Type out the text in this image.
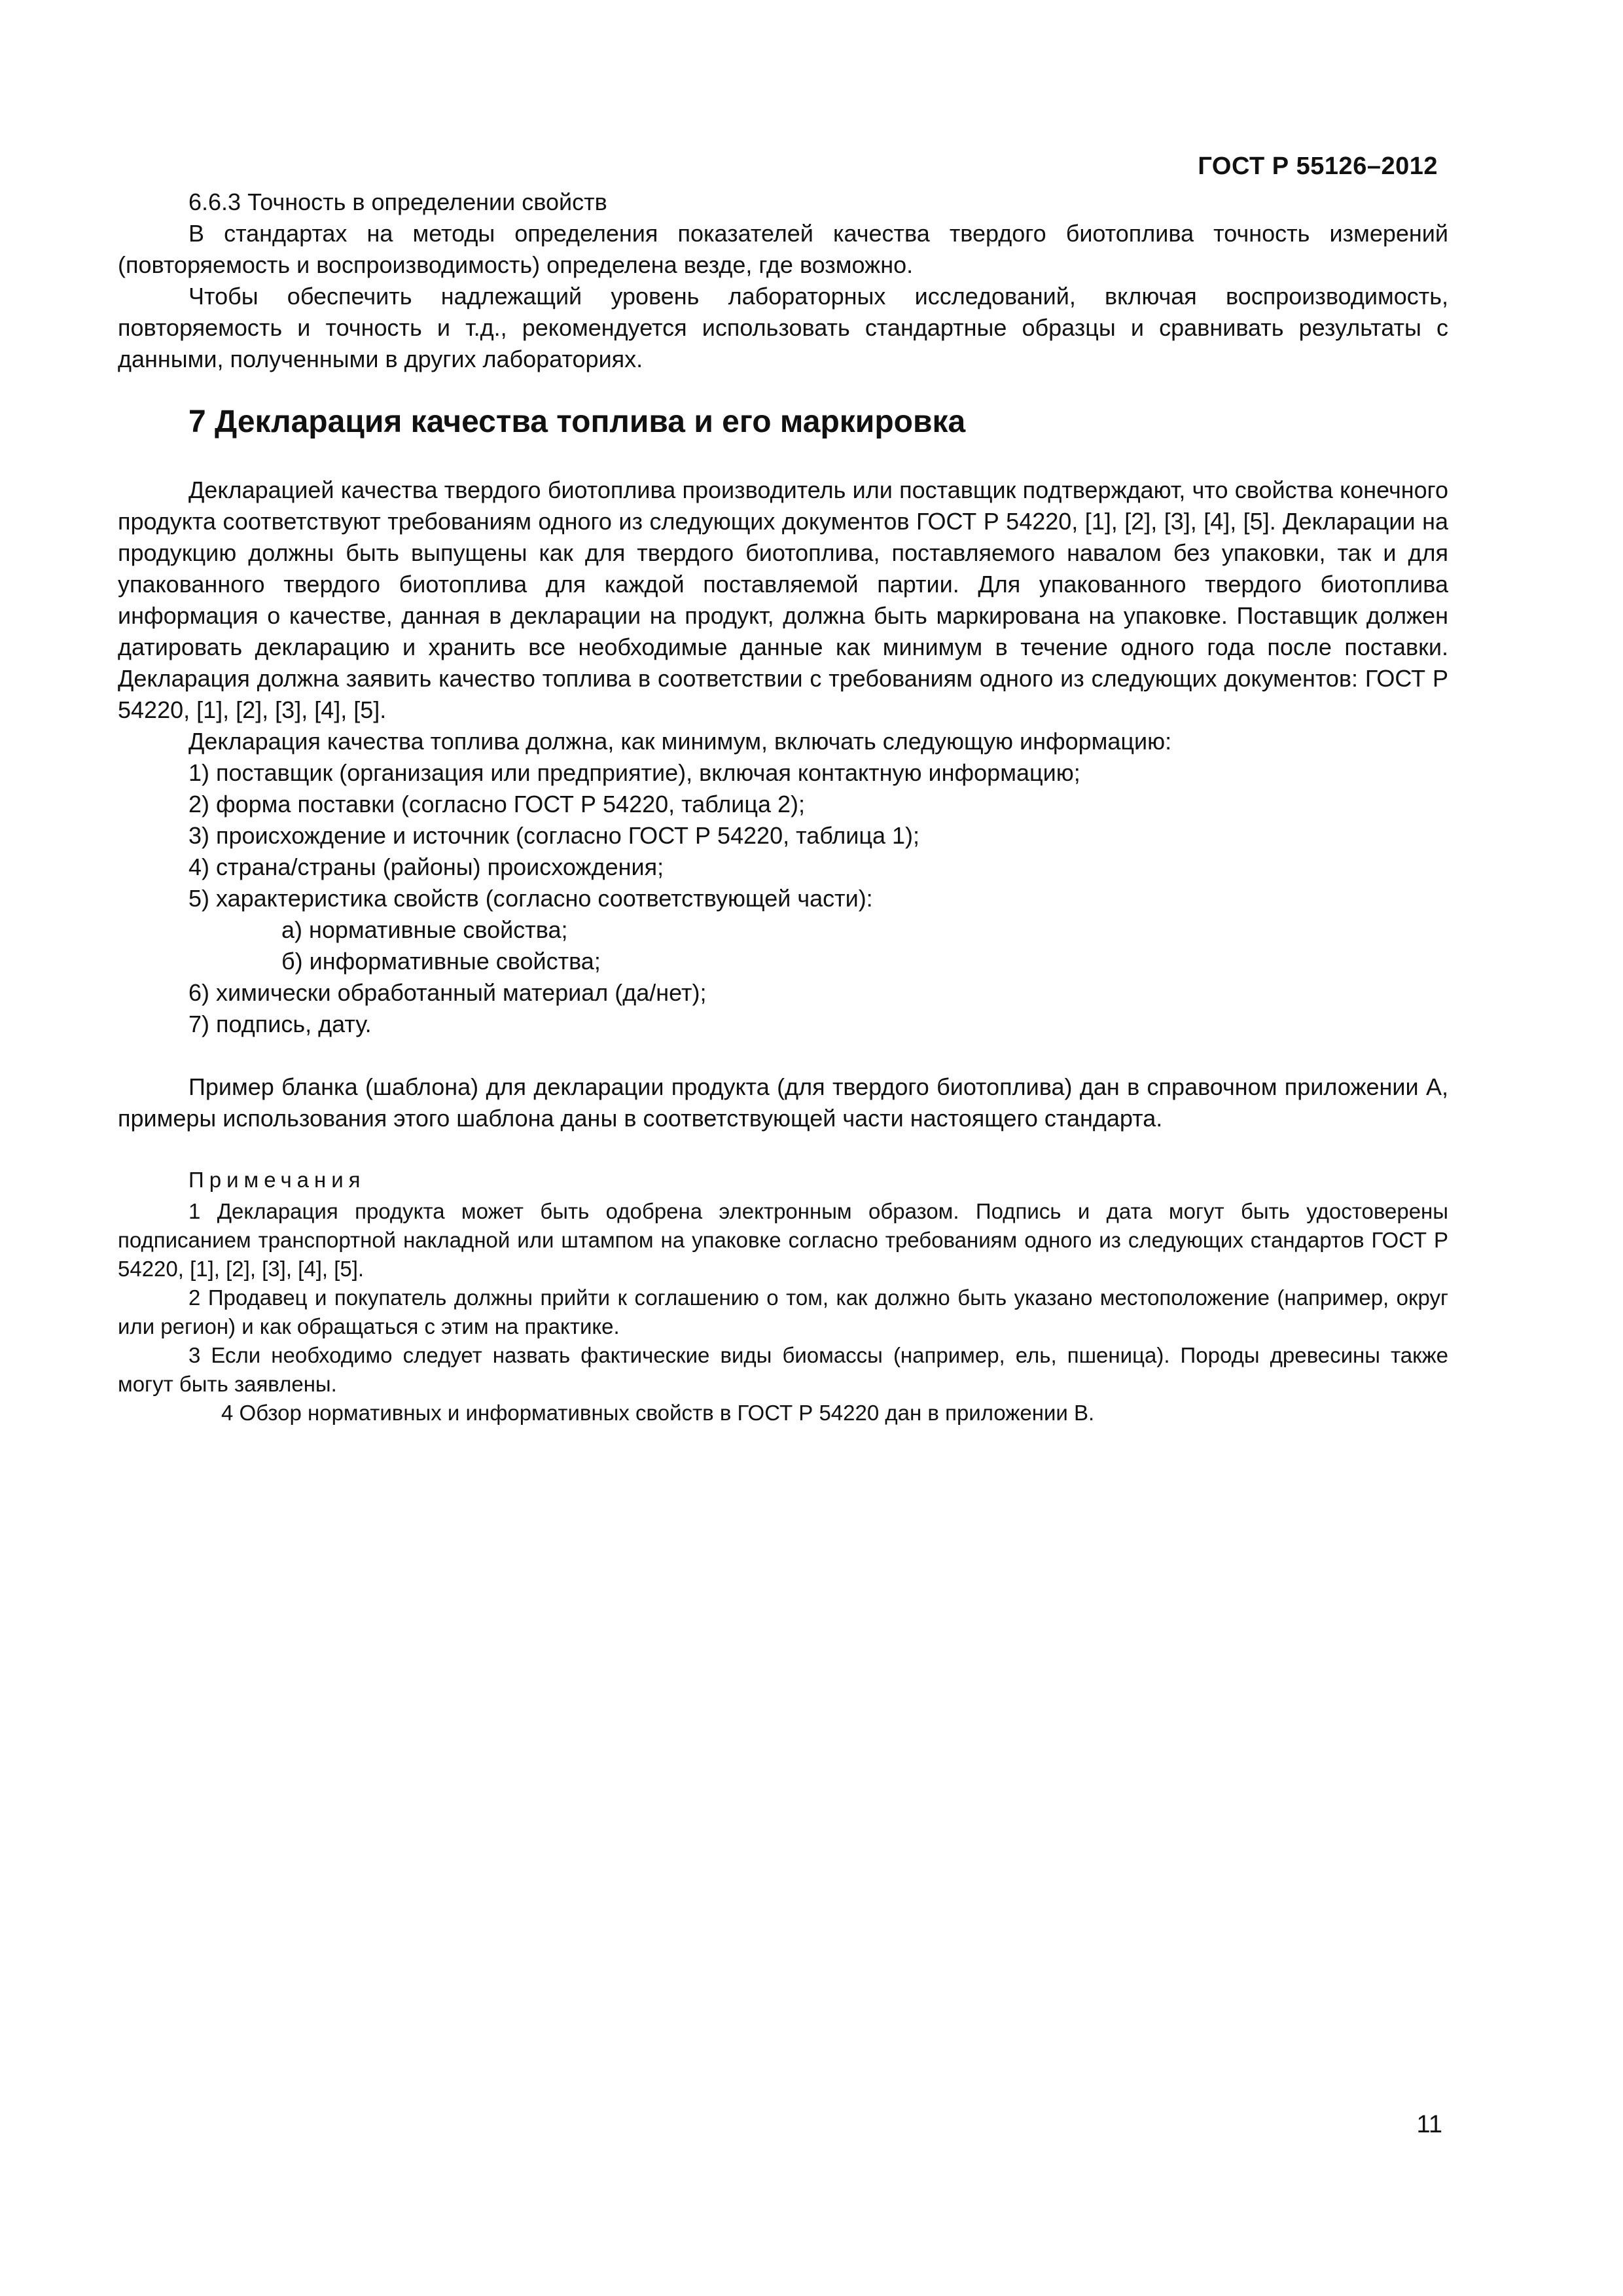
ГОСТ Р 55126–2012

6.6.3 Точность в определении свойств

В стандартах на методы определения показателей качества твердого биотоплива точность измерений (повторяемость и воспроизводимость) определена везде, где возможно.

Чтобы обеспечить надлежащий уровень лабораторных исследований, включая воспроизводимость, повторяемость и точность и т.д., рекомендуется использовать стандартные образцы и сравнивать результаты с данными, полученными в других лабораториях.

7 Декларация качества топлива и его маркировка

Декларацией качества твердого биотоплива производитель или поставщик подтверждают, что свойства конечного продукта соответствуют требованиям одного из следующих документов ГОСТ Р 54220, [1], [2], [3], [4], [5]. Декларации на продукцию должны быть выпущены как для твердого биотоплива, поставляемого навалом без упаковки, так и для упакованного твердого биотоплива для каждой поставляемой партии. Для упакованного твердого биотоплива информация о качестве, данная в декларации на продукт, должна быть маркирована на упаковке. Поставщик должен датировать декларацию и хранить все необходимые данные как минимум в течение одного года после поставки. Декларация должна заявить качество топлива в соответствии с требованиям одного из следующих документов: ГОСТ Р 54220, [1], [2], [3], [4], [5].

Декларация качества топлива должна, как минимум, включать следующую информацию:

1) поставщик (организация или предприятие), включая контактную информацию;

2) форма поставки (согласно ГОСТ Р 54220, таблица 2);

3) происхождение и источник (согласно ГОСТ Р 54220, таблица 1);

4) страна/страны (районы) происхождения;

5) характеристика свойств (согласно соответствующей части):

а) нормативные свойства;

б) информативные свойства;

6) химически обработанный материал (да/нет);

7) подпись, дату.

Пример бланка (шаблона) для декларации продукта (для твердого биотоплива) дан в справочном приложении А, примеры использования этого шаблона даны в соответствующей части настоящего стандарта.

Примечания

1 Декларация продукта может быть одобрена электронным образом. Подпись и дата могут быть удостоверены подписанием транспортной накладной или штампом на упаковке согласно требованиям одного из следующих стандартов ГОСТ Р 54220, [1], [2], [3], [4], [5].

2 Продавец и покупатель должны прийти к соглашению о том, как должно быть указано местоположение (например, округ или регион) и как обращаться с этим на практике.

3 Если необходимо следует назвать фактические виды биомассы (например, ель, пшеница). Породы древесины также могут быть заявлены.

4 Обзор нормативных и информативных свойств в ГОСТ Р 54220 дан в приложении В.

11
